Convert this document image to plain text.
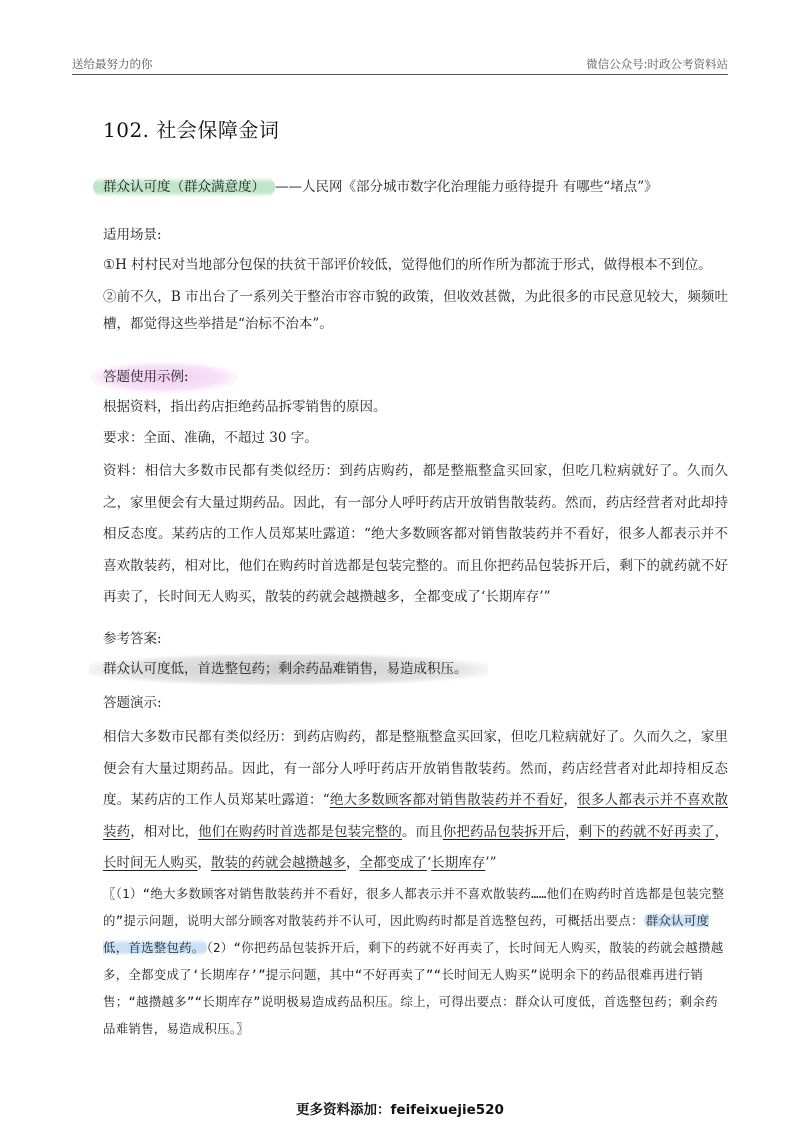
送给最努力的你	微信公众号:时政公考资料站
102. 社会保障金词
群众认可度（群众满意度） ——人民网《部分城市数字化治理能力亟待提升 有哪些“堵点”》
适用场景:
①H 村村民对当地部分包保的扶贫干部评价较低，觉得他们的所作所为都流于形式，做得根本不到位。
②前不久，B 市出台了一系列关于整治市容市貌的政策，但收效甚微，为此很多的市民意见较大，频频吐槽，都觉得这些举措是“治标不治本”。
答题使用示例:
根据资料，指出药店拒绝药品拆零销售的原因。
要求：全面、准确，不超过 30 字。
资料：相信大多数市民都有类似经历：到药店购药，都是整瓶整盒买回家，但吃几粒病就好了。久而久之，家里便会有大量过期药品。因此，有一部分人呼吁药店开放销售散装药。然而，药店经营者对此却持相反态度。某药店的工作人员郑某吐露道：“绝大多数顾客都对销售散装药并不看好，很多人都表示并不喜欢散装药，相对比，他们在购药时首选都是包装完整的。而且你把药品包装拆开后，剩下的就药就不好再卖了，长时间无人购买，散装的药就会越攒越多，全都变成了‘长期库存’”
参考答案:
群众认可度低，首选整包药；剩余药品难销售，易造成积压。
答题演示:
相信大多数市民都有类似经历：到药店购药，都是整瓶整盒买回家，但吃几粒病就好了。久而久之，家里便会有大量过期药品。因此，有一部分人呼吁药店开放销售散装药。然而，药店经营者对此却持相反态度。某药店的工作人员郑某吐露道：“绝大多数顾客都对销售散装药并不看好，很多人都表示并不喜欢散装药，相对比，他们在购药时首选都是包装完整的。而且你把药品包装拆开后，剩下的药就不好再卖了，长时间无人购买，散装的药就会越攒越多，全都变成了‘长期库存’”
〖（1）“绝大多数顾客对销售散装药并不看好，很多人都表示并不喜欢散装药……他们在购药时首选都是包装完整的”提示问题，说明大部分顾客对散装药并不认可，因此购药时都是首选整包药，可概括出要点： 群众认可度低，首选整包药。 （2）“你把药品包装拆开后，剩下的药就不好再卖了，长时间无人购买，散装的药就会越攒越多，全都变成了‘长期库存’”提示问题，其中“不好再卖了”“长时间无人购买”说明余下的药品很难再进行销售；“越攒越多”“长期库存”说明极易造成药品积压。综上，可得出要点：群众认可度低，首选整包药；剩余药品难销售，易造成积压。〗
更多资料添加：feifeixuejie520
